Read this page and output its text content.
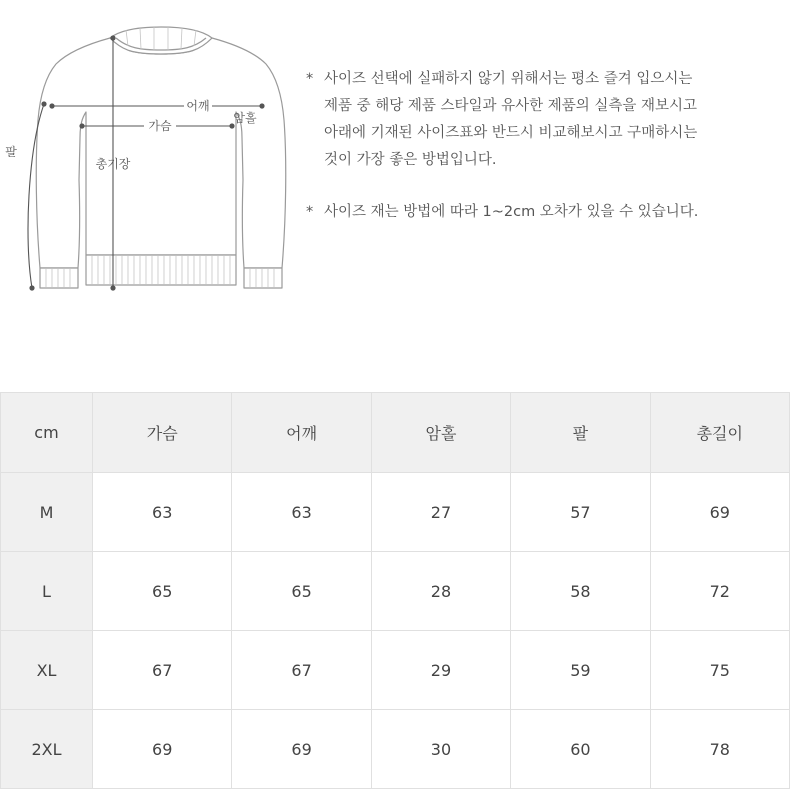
어깨
가슴
암홀
팔
총기장

* 사이즈 선택에 실패하지 않기 위해서는 평소 즐겨 입으시는
제품 중 해당 제품 스타일과 유사한 제품의 실측을 재보시고
아래에 기재된 사이즈표와 반드시 비교해보시고 구매하시는
것이 가장 좋은 방법입니다.

* 사이즈 재는 방법에 따라 1~2cm 오차가 있을 수 있습니다.

cm	가슴	어깨	암홀	팔	총길이
M	63	63	27	57	69
L	65	65	28	58	72
XL	67	67	29	59	75
2XL	69	69	30	60	78
